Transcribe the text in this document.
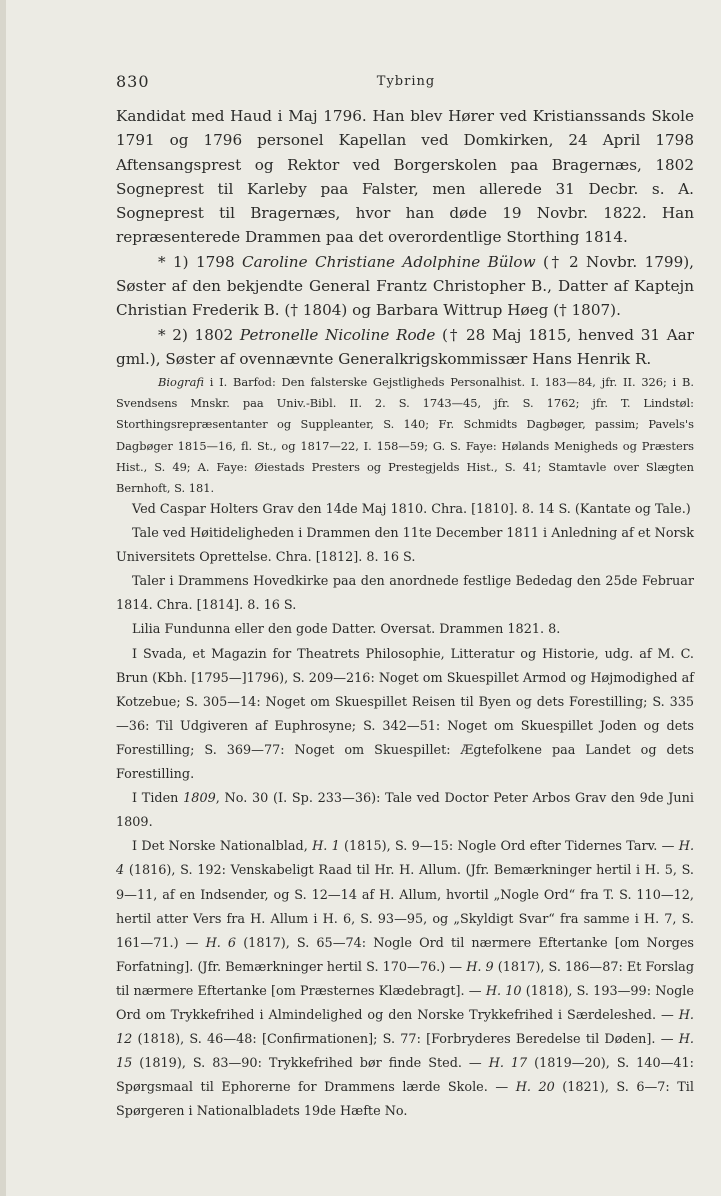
830	Tybring

Kandidat med Haud i Maj 1796. Han blev Hører ved Kristianssands Skole 1791 og 1796 personel Kapellan ved Domkirken, 24 April 1798 Aftensangsprest og Rektor ved Borgerskolen paa Bragernæs, 1802 Sogneprest til Karleby paa Falster, men allerede 31 Decbr. s. A. Sogneprest til Bragernæs, hvor han døde 19 Novbr. 1822. Han repræsenterede Drammen paa det overordentlige Storthing 1814.

* 1) 1798 Caroline Christiane Adolphine Bülow († 2 Novbr. 1799), Søster af den bekjendte General Frantz Christopher B., Datter af Kaptejn Christian Frederik B. († 1804) og Barbara Wittrup Høeg († 1807).

* 2) 1802 Petronelle Nicoline Rode († 28 Maj 1815, henved 31 Aar gml.), Søster af ovennævnte Generalkrigskommissær Hans Henrik R.

Biografi i I. Barfod: Den falsterske Gejstligheds Personalhist. I. 183—84, jfr. II. 326; i B. Svendsens Mnskr. paa Univ.-Bibl. II. 2. S. 1743—45, jfr. S. 1762; jfr. T. Lindstøl: Storthingsrepræsentanter og Suppleanter, S. 140; Fr. Schmidts Dagbøger, passim; Pavels's Dagbøger 1815—16, fl. St., og 1817—22, I. 158—59; G. S. Faye: Hølands Menigheds og Præsters Hist., S. 49; A. Faye: Øiestads Presters og Prestegjelds Hist., S. 41; Stamtavle over Slægten Bernhoft, S. 181.

Ved Caspar Holters Grav den 14de Maj 1810. Chra. [1810]. 8. 14 S. (Kantate og Tale.)

Tale ved Høitideligheden i Drammen den 11te December 1811 i Anledning af et Norsk Universitets Oprettelse. Chra. [1812]. 8. 16 S.

Taler i Drammens Hovedkirke paa den anordnede festlige Bededag den 25de Februar 1814. Chra. [1814]. 8. 16 S.

Lilia Fundunna eller den gode Datter. Oversat. Drammen 1821. 8.

I Svada, et Magazin for Theatrets Philosophie, Litteratur og Historie, udg. af M. C. Brun (Kbh. [1795—]1796), S. 209—216: Noget om Skuespillet Armod og Højmodighed af Kotzebue; S. 305—14: Noget om Skuespillet Reisen til Byen og dets Forestilling; S. 335—36: Til Udgiveren af Euphrosyne; S. 342—51: Noget om Skuespillet Joden og dets Forestilling; S. 369—77: Noget om Skuespillet: Ægtefolkene paa Landet og dets Forestilling.

I Tiden 1809, No. 30 (I. Sp. 233—36): Tale ved Doctor Peter Arbos Grav den 9de Juni 1809.

I Det Norske Nationalblad, H. 1 (1815), S. 9—15: Nogle Ord efter Tidernes Tarv. — H. 4 (1816), S. 192: Venskabeligt Raad til Hr. H. Allum. (Jfr. Bemærkninger hertil i H. 5, S. 9—11, af en Indsender, og S. 12—14 af H. Allum, hvortil „Nogle Ord“ fra T. S. 110—12, hertil atter Vers fra H. Allum i H. 6, S. 93—95, og „Skyldigt Svar“ fra samme i H. 7, S. 161—71.) — H. 6 (1817), S. 65—74: Nogle Ord til nærmere Eftertanke [om Norges Forfatning]. (Jfr. Bemærkninger hertil S. 170—76.) — H. 9 (1817), S. 186—87: Et Forslag til nærmere Eftertanke [om Præsternes Klædebragt]. — H. 10 (1818), S. 193—99: Nogle Ord om Trykkefrihed i Almindelighed og den Norske Trykkefrihed i Særdeleshed. — H. 12 (1818), S. 46—48: [Confirmationen]; S. 77: [Forbryderes Beredelse til Døden]. — H. 15 (1819), S. 83—90: Trykkefrihed bør finde Sted. — H. 17 (1819—20), S. 140—41: Spørgsmaal til Ephorerne for Drammens lærde Skole. — H. 20 (1821), S. 6—7: Til Spørgeren i Nationalbladets 19de Hæfte No.
